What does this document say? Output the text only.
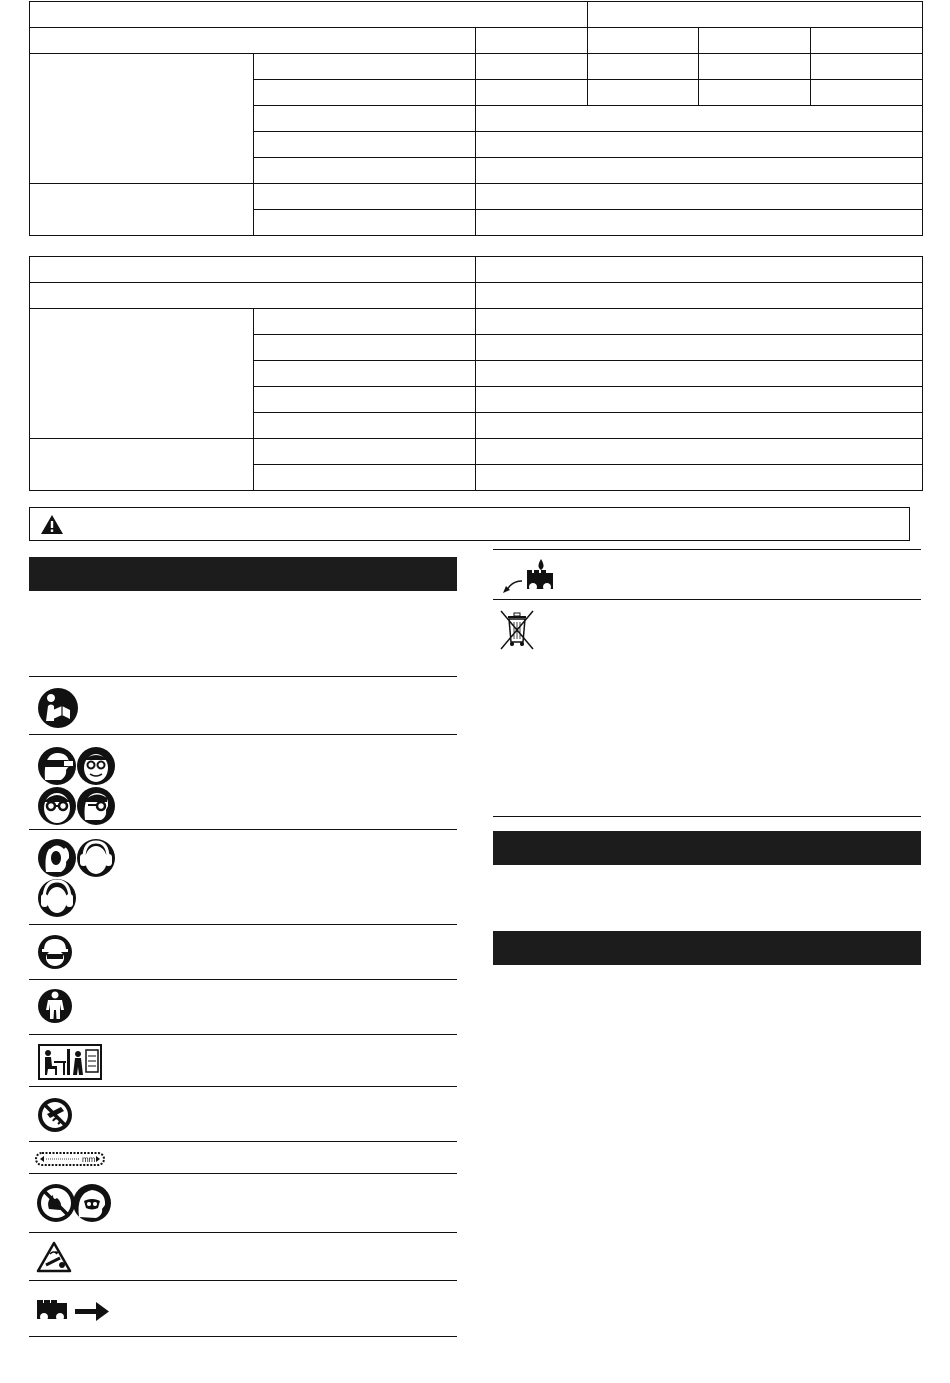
mm
